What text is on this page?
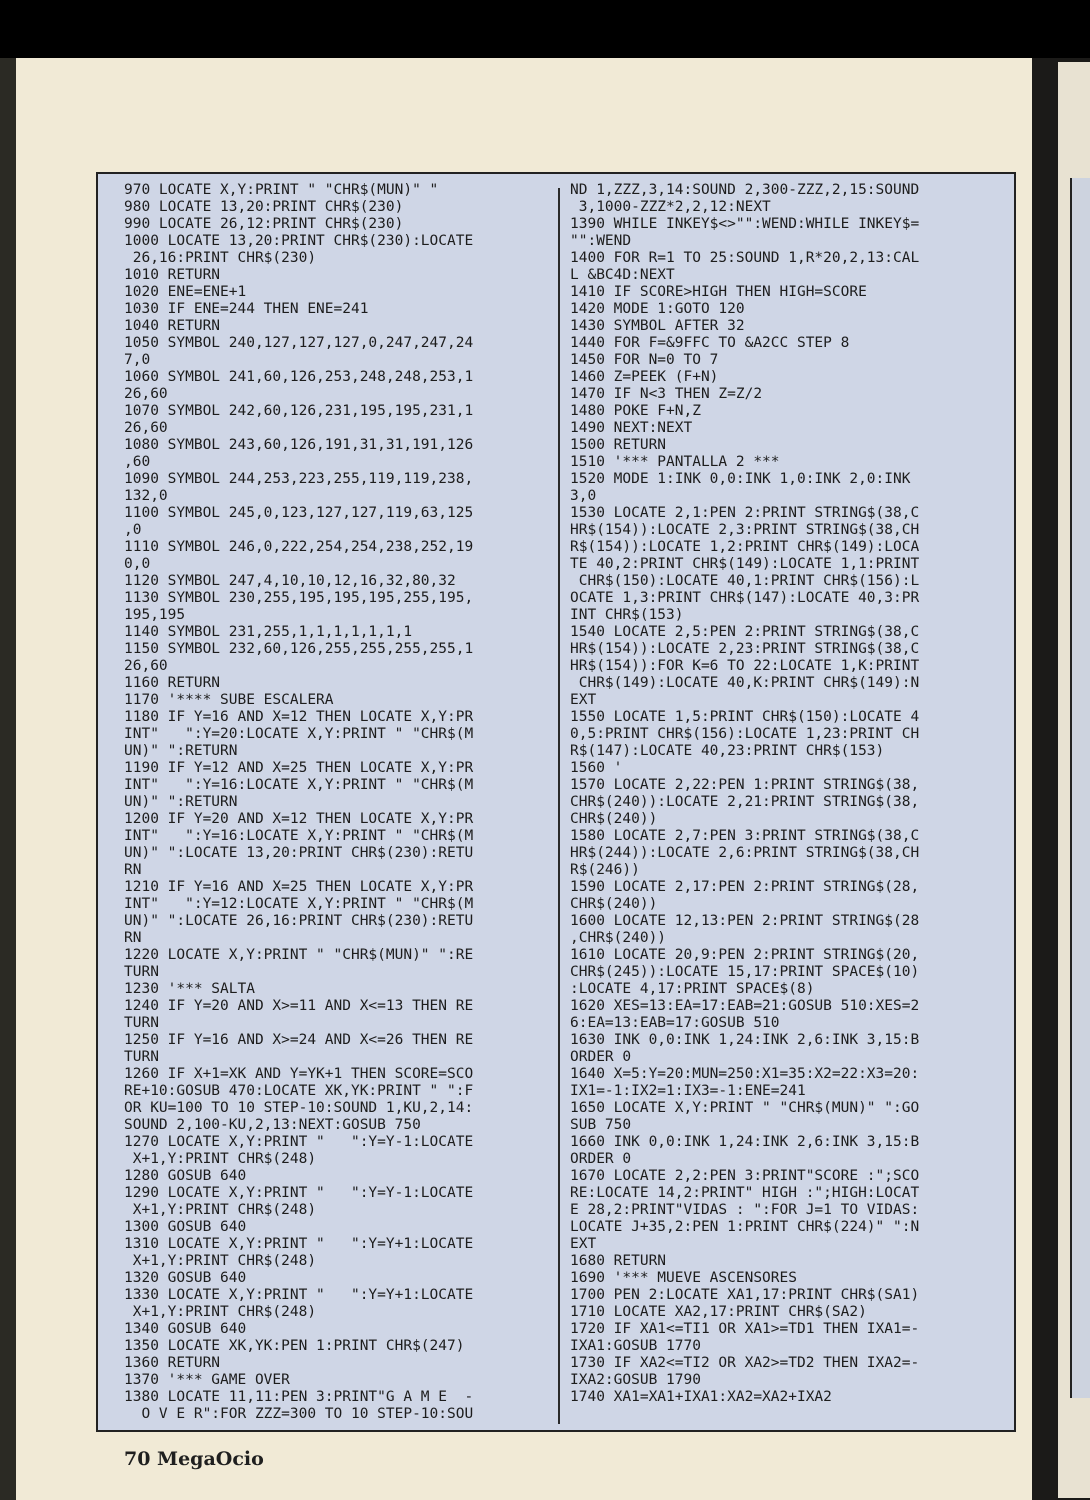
970 LOCATE X,Y:PRINT " "CHR$(MUN)" "
980 LOCATE 13,20:PRINT CHR$(230)
990 LOCATE 26,12:PRINT CHR$(230)
1000 LOCATE 13,20:PRINT CHR$(230):LOCATE
26,16:PRINT CHR$(230)
1010 RETURN
1020 ENE=ENE+1
1030 IF ENE=244 THEN ENE=241
1040 RETURN
1050 SYMBOL 240,127,127,127,0,247,247,24
7,0
1060 SYMBOL 241,60,126,253,248,248,253,1
26,60
1070 SYMBOL 242,60,126,231,195,195,231,1
26,60
1080 SYMBOL 243,60,126,191,31,31,191,126
,60
1090 SYMBOL 244,253,223,255,119,119,238,
132,0
1100 SYMBOL 245,0,123,127,127,119,63,125
,0
1110 SYMBOL 246,0,222,254,254,238,252,19
0,0
1120 SYMBOL 247,4,10,10,12,16,32,80,32
1130 SYMBOL 230,255,195,195,195,255,195,
195,195
1140 SYMBOL 231,255,1,1,1,1,1,1,1
1150 SYMBOL 232,60,126,255,255,255,255,1
26,60
1160 RETURN
1170 '**** SUBE ESCALERA
1180 IF Y=16 AND X=12 THEN LOCATE X,Y:PR
INT"   ":Y=20:LOCATE X,Y:PRINT " "CHR$(M
UN)" ":RETURN
1190 IF Y=12 AND X=25 THEN LOCATE X,Y:PR
INT"   ":Y=16:LOCATE X,Y:PRINT " "CHR$(M
UN)" ":RETURN
1200 IF Y=20 AND X=12 THEN LOCATE X,Y:PR
INT"   ":Y=16:LOCATE X,Y:PRINT " "CHR$(M
UN)" ":LOCATE 13,20:PRINT CHR$(230):RETU
RN
1210 IF Y=16 AND X=25 THEN LOCATE X,Y:PR
INT"   ":Y=12:LOCATE X,Y:PRINT " "CHR$(M
UN)" ":LOCATE 26,16:PRINT CHR$(230):RETU
RN
1220 LOCATE X,Y:PRINT " "CHR$(MUN)" ":RE
TURN
1230 '*** SALTA
1240 IF Y=20 AND X>=11 AND X<=13 THEN RE
TURN
1250 IF Y=16 AND X>=24 AND X<=26 THEN RE
TURN
1260 IF X+1=XK AND Y=YK+1 THEN SCORE=SCO
RE+10:GOSUB 470:LOCATE XK,YK:PRINT " ":F
OR KU=100 TO 10 STEP-10:SOUND 1,KU,2,14:
SOUND 2,100-KU,2,13:NEXT:GOSUB 750
1270 LOCATE X,Y:PRINT "   ":Y=Y-1:LOCATE
X+1,Y:PRINT CHR$(248)
1280 GOSUB 640
1290 LOCATE X,Y:PRINT "   ":Y=Y-1:LOCATE
X+1,Y:PRINT CHR$(248)
1300 GOSUB 640
1310 LOCATE X,Y:PRINT "   ":Y=Y+1:LOCATE
X+1,Y:PRINT CHR$(248)
1320 GOSUB 640
1330 LOCATE X,Y:PRINT "   ":Y=Y+1:LOCATE
X+1,Y:PRINT CHR$(248)
1340 GOSUB 640
1350 LOCATE XK,YK:PEN 1:PRINT CHR$(247)
1360 RETURN
1370 '*** GAME OVER
1380 LOCATE 11,11:PEN 3:PRINT"G A M E  -
O V E R":FOR ZZZ=300 TO 10 STEP-10:SOU
ND 1,ZZZ,3,14:SOUND 2,300-ZZZ,2,15:SOUND
3,1000-ZZZ*2,2,12:NEXT
1390 WHILE INKEY$<>"":WEND:WHILE INKEY$=
"":WEND
1400 FOR R=1 TO 25:SOUND 1,R*20,2,13:CAL
L &BC4D:NEXT
1410 IF SCORE>HIGH THEN HIGH=SCORE
1420 MODE 1:GOTO 120
1430 SYMBOL AFTER 32
1440 FOR F=&9FFC TO &A2CC STEP 8
1450 FOR N=0 TO 7
1460 Z=PEEK (F+N)
1470 IF N<3 THEN Z=Z/2
1480 POKE F+N,Z
1490 NEXT:NEXT
1500 RETURN
1510 '*** PANTALLA 2 ***
1520 MODE 1:INK 0,0:INK 1,0:INK 2,0:INK
3,0
1530 LOCATE 2,1:PEN 2:PRINT STRING$(38,C
HR$(154)):LOCATE 2,3:PRINT STRING$(38,CH
R$(154)):LOCATE 1,2:PRINT CHR$(149):LOCA
TE 40,2:PRINT CHR$(149):LOCATE 1,1:PRINT
CHR$(150):LOCATE 40,1:PRINT CHR$(156):L
OCATE 1,3:PRINT CHR$(147):LOCATE 40,3:PR
INT CHR$(153)
1540 LOCATE 2,5:PEN 2:PRINT STRING$(38,C
HR$(154)):LOCATE 2,23:PRINT STRING$(38,C
HR$(154)):FOR K=6 TO 22:LOCATE 1,K:PRINT
CHR$(149):LOCATE 40,K:PRINT CHR$(149):N
EXT
1550 LOCATE 1,5:PRINT CHR$(150):LOCATE 4
0,5:PRINT CHR$(156):LOCATE 1,23:PRINT CH
R$(147):LOCATE 40,23:PRINT CHR$(153)
1560 '
1570 LOCATE 2,22:PEN 1:PRINT STRING$(38,
CHR$(240)):LOCATE 2,21:PRINT STRING$(38,
CHR$(240))
1580 LOCATE 2,7:PEN 3:PRINT STRING$(38,C
HR$(244)):LOCATE 2,6:PRINT STRING$(38,CH
R$(246))
1590 LOCATE 2,17:PEN 2:PRINT STRING$(28,
CHR$(240))
1600 LOCATE 12,13:PEN 2:PRINT STRING$(28
,CHR$(240))
1610 LOCATE 20,9:PEN 2:PRINT STRING$(20,
CHR$(245)):LOCATE 15,17:PRINT SPACE$(10)
:LOCATE 4,17:PRINT SPACE$(8)
1620 XES=13:EA=17:EAB=21:GOSUB 510:XES=2
6:EA=13:EAB=17:GOSUB 510
1630 INK 0,0:INK 1,24:INK 2,6:INK 3,15:B
ORDER 0
1640 X=5:Y=20:MUN=250:X1=35:X2=22:X3=20:
IX1=-1:IX2=1:IX3=-1:ENE=241
1650 LOCATE X,Y:PRINT " "CHR$(MUN)" ":GO
SUB 750
1660 INK 0,0:INK 1,24:INK 2,6:INK 3,15:B
ORDER 0
1670 LOCATE 2,2:PEN 3:PRINT"SCORE :";SCO
RE:LOCATE 14,2:PRINT" HIGH :";HIGH:LOCAT
E 28,2:PRINT"VIDAS : ":FOR J=1 TO VIDAS:
LOCATE J+35,2:PEN 1:PRINT CHR$(224)" ":N
EXT
1680 RETURN
1690 '*** MUEVE ASCENSORES
1700 PEN 2:LOCATE XA1,17:PRINT CHR$(SA1)
1710 LOCATE XA2,17:PRINT CHR$(SA2)
1720 IF XA1<=TI1 OR XA1>=TD1 THEN IXA1=-
IXA1:GOSUB 1770
1730 IF XA2<=TI2 OR XA2>=TD2 THEN IXA2=-
IXA2:GOSUB 1790
1740 XA1=XA1+IXA1:XA2=XA2+IXA2
70 MegaOcio
